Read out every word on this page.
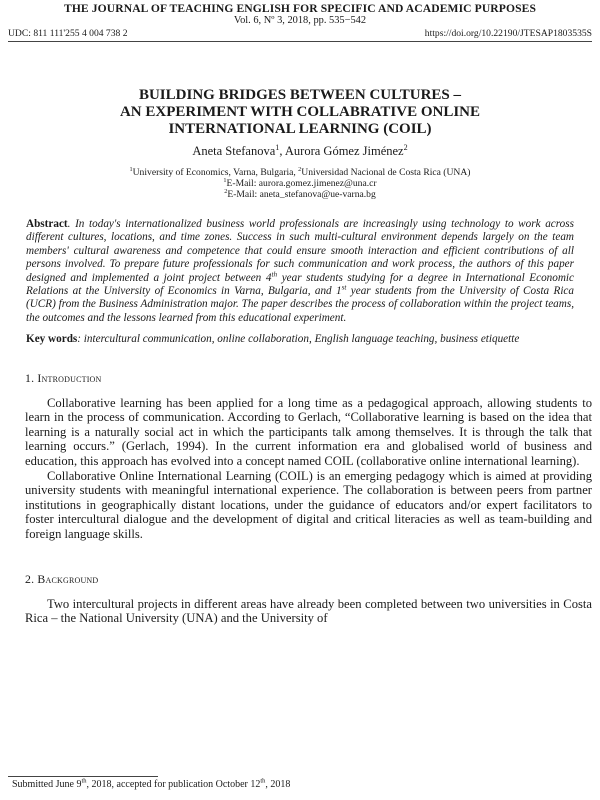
THE JOURNAL OF TEACHING ENGLISH FOR SPECIFIC AND ACADEMIC PURPOSES
Vol. 6, Nº 3, 2018, pp. 535−542
UDC: 811 111'255 4 004 738 2	https://doi.org/10.22190/JTESAP1803535S
BUILDING BRIDGES BETWEEN CULTURES –
AN EXPERIMENT WITH COLLABRATIVE ONLINE
INTERNATIONAL LEARNING (COIL)
Aneta Stefanova$^1$, Aurora Gómez Jiménez$^2$
$^1$University of Economics, Varna, Bulgaria, $^2$Universidad Nacional de Costa Rica (UNA)
$^1$E-Mail: aurora.gomez.jimenez@una.cr
$^2$E-Mail: aneta_stefanova@ue-varna.bg
Abstract. In today's internationalized business world professionals are increasingly using technology to work across different cultures, locations, and time zones. Success in such multi-cultural environment depends largely on the team members' cultural awareness and competence that could ensure smooth interaction and efficient contributions of all persons involved. To prepare future professionals for such communication and work process, the authors of this paper designed and implemented a joint project between 4th year students studying for a degree in International Economic Relations at the University of Economics in Varna, Bulgaria, and 1st year students from the University of Costa Rica (UCR) from the Business Administration major. The paper describes the process of collaboration within the project teams, the outcomes and the lessons learned from this educational experiment.
Key words: intercultural communication, online collaboration, English language teaching, business etiquette
1. Introduction

Collaborative learning has been applied for a long time as a pedagogical approach, allowing students to learn in the process of communication. According to Gerlach, “Collaborative learning is based on the idea that learning is a naturally social act in which the participants talk among themselves. It is through the talk that learning occurs.” (Gerlach, 1994). In the current information era and globalised world of business and education, this approach has evolved into a concept named COIL (collaborative online international learning).

Collaborative Online International Learning (COIL) is an emerging pedagogy which is aimed at providing university students with meaningful international experience. The collaboration is between peers from partner institutions in geographically distant locations, under the guidance of educators and/or expert facilitators to foster intercultural dialogue and the development of digital and critical literacies as well as team-building and foreign language skills.

2. Background

Two intercultural projects in different areas have already been completed between two universities in Costa Rica – the National University (UNA) and the University of

Submitted June 9th, 2018, accepted for publication October 12th, 2018
